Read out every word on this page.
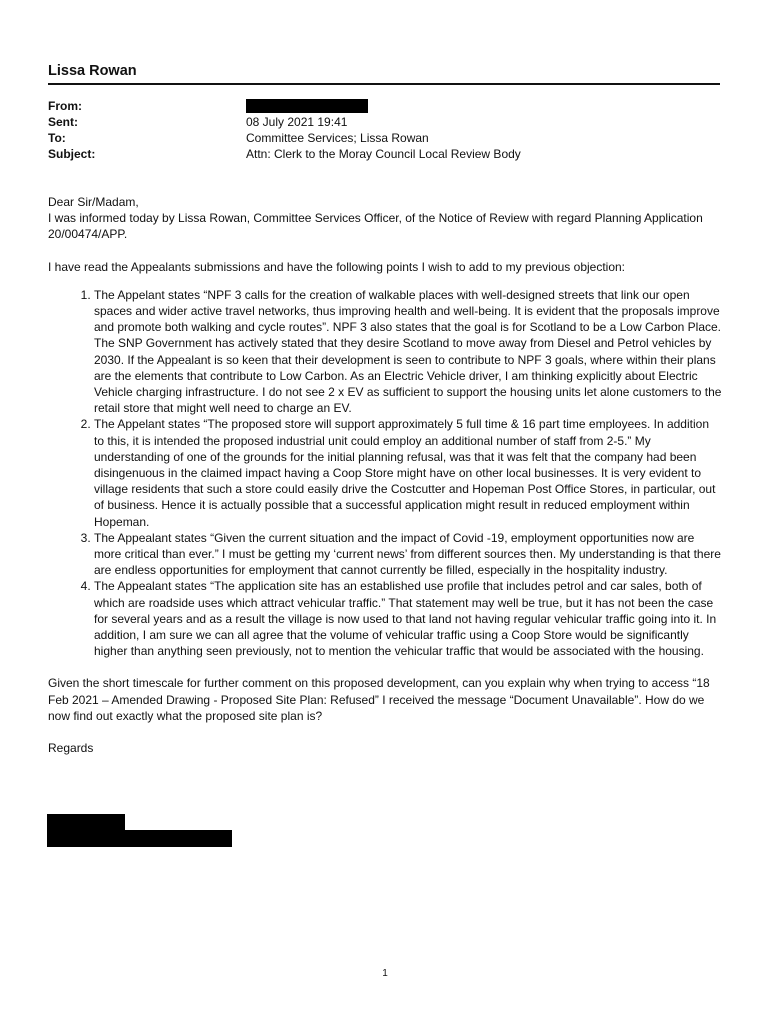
Lissa Rowan
From:
Sent:	08 July 2021 19:41
To:	Committee Services; Lissa Rowan
Subject:	Attn: Clerk to the Moray Council Local Review Body

Dear Sir/Madam,

I was informed today by Lissa Rowan, Committee Services Officer, of the Notice of Review with regard Planning Application 20/00474/APP.

I have read the Appealants submissions and have the following points I wish to add to my previous objection:

1. The Appelant states “NPF 3 calls for the creation of walkable places with well-designed streets that link our open spaces and wider active travel networks, thus improving health and well-being. It is evident that the proposals improve and promote both walking and cycle routes”. NPF 3 also states that the goal is for Scotland to be a Low Carbon Place. The SNP Government has actively stated that they desire Scotland to move away from Diesel and Petrol vehicles by 2030. If the Appealant is so keen that their development is seen to contribute to NPF 3 goals, where within their plans are the elements that contribute to Low Carbon. As an Electric Vehicle driver, I am thinking explicitly about Electric Vehicle charging infrastructure. I do not see 2 x EV as sufficient to support the housing units let alone customers to the retail store that might well need to charge an EV.
2. The Appelant states “The proposed store will support approximately 5 full time & 16 part time employees. In addition to this, it is intended the proposed industrial unit could employ an additional number of staff from 2-5.” My understanding of one of the grounds for the initial planning refusal, was that it was felt that the company had been disingenuous in the claimed impact having a Coop Store might have on other local businesses. It is very evident to village residents that such a store could easily drive the Costcutter and Hopeman Post Office Stores, in particular, out of business. Hence it is actually possible that a successful application might result in reduced employment within Hopeman.
3. The Appealant states “Given the current situation and the impact of Covid -19, employment opportunities now are more critical than ever.” I must be getting my ‘current news’ from different sources then. My understanding is that there are endless opportunities for employment that cannot currently be filled, especially in the hospitality industry.
4. The Appealant states “The application site has an established use profile that includes petrol and car sales, both of which are roadside uses which attract vehicular traffic.” That statement may well be true, but it has not been the case for several years and as a result the village is now used to that land not having regular vehicular traffic going into it. In addition, I am sure we can all agree that the volume of vehicular traffic using a Coop Store would be significantly higher than anything seen previously, not to mention the vehicular traffic that would be associated with the housing.

Given the short timescale for further comment on this proposed development, can you explain why when trying to access “18 Feb 2021 – Amended Drawing - Proposed Site Plan: Refused” I received the message “Document Unavailable”. How do we now find out exactly what the proposed site plan is?

Regards

1
